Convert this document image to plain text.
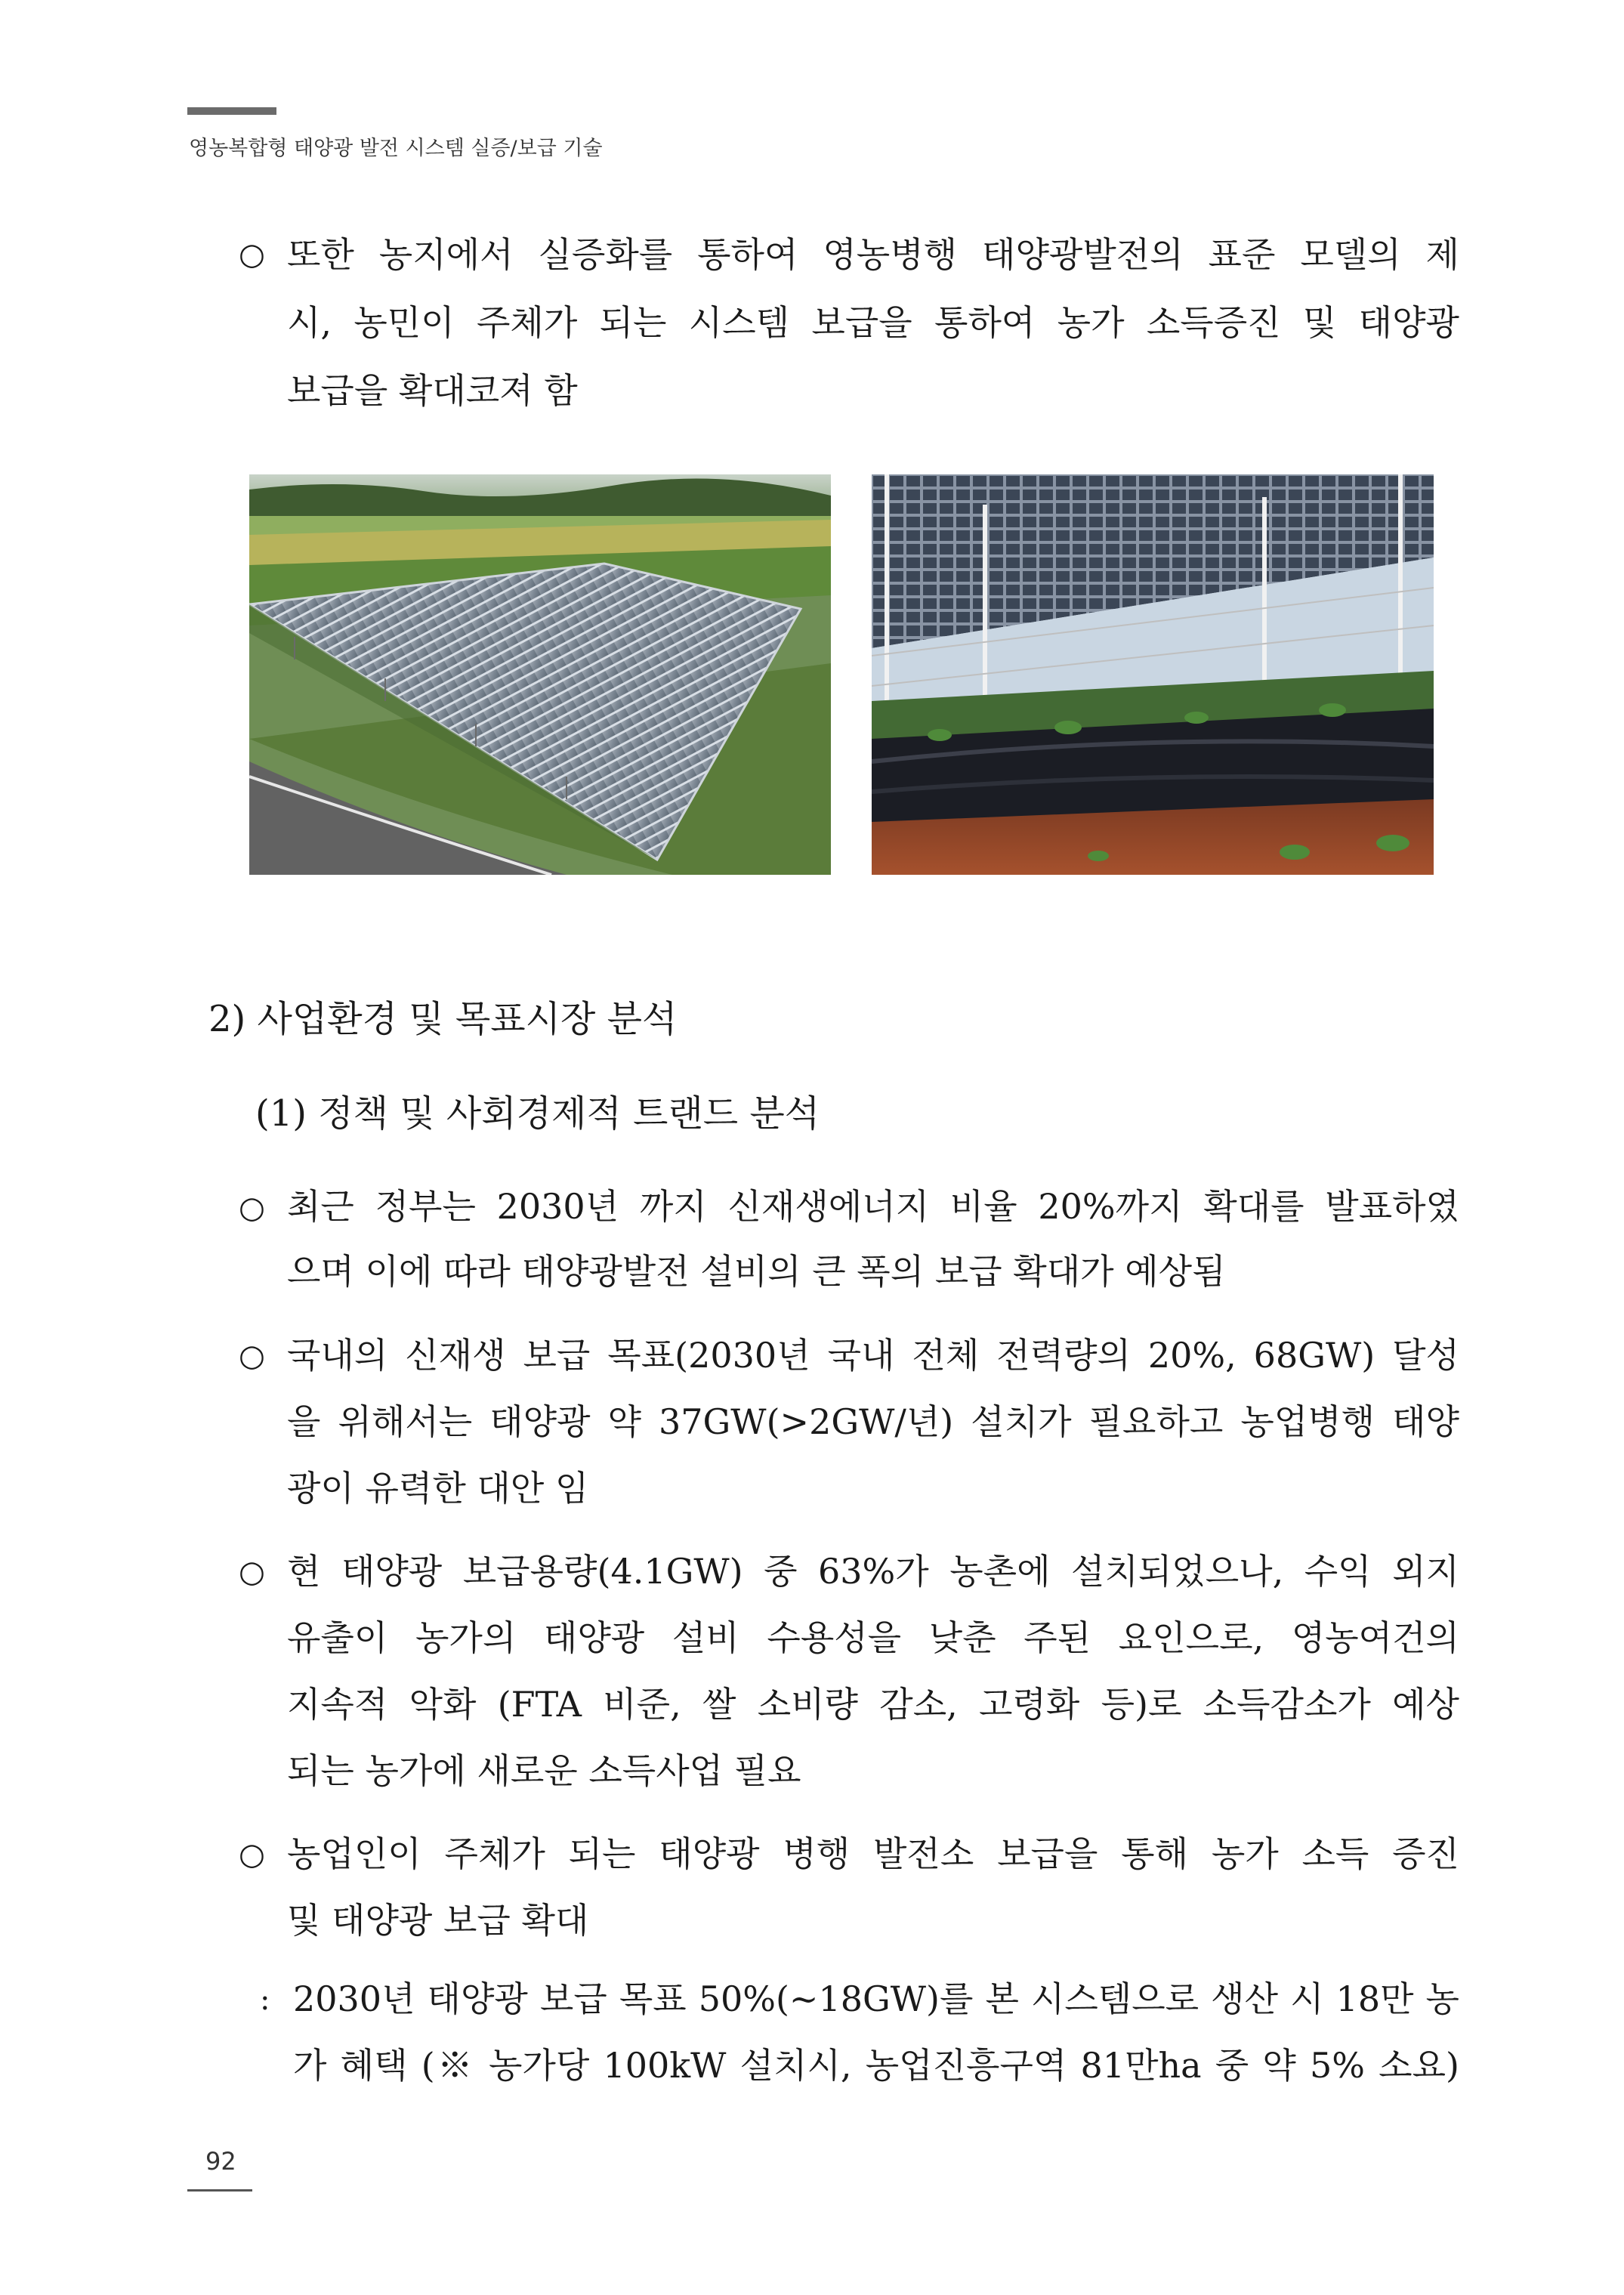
영농복합형 태양광 발전 시스템 실증/보급 기술
○ 또한 농지에서 실증화를 통하여 영농병행 태양광발전의 표준 모델의 제

시, 농민이 주체가 되는 시스템 보급을 통하여 농가 소득증진 및 태양광

보급을 확대코져 함

2) 사업환경 및 목표시장 분석
(1) 정책 및 사회경제적 트랜드 분석
○ 최근 정부는 2030년 까지 신재생에너지 비율 20%까지 확대를 발표하였

으며 이에 따라 태양광발전 설비의 큰 폭의 보급 확대가 예상됨

○ 국내의 신재생 보급 목표(2030년 국내 전체 전력량의 20%, 68GW) 달성

을 위해서는 태양광 약 37GW(>2GW/년) 설치가 필요하고 농업병행 태양

광이 유력한 대안 임

○ 현 태양광 보급용량(4.1GW) 중 63%가 농촌에 설치되었으나, 수익 외지

유출이 농가의 태양광 설비 수용성을 낮춘 주된 요인으로, 영농여건의

지속적 악화 (FTA 비준, 쌀 소비량 감소, 고령화 등)로 소득감소가 예상

되는 농가에 새로운 소득사업 필요

○ 농업인이 주체가 되는 태양광 병행 발전소 보급을 통해 농가 소득 증진

및 태양광 보급 확대

: 2030년 태양광 보급 목표 50%(~18GW)를 본 시스템으로 생산 시 18만 농

가 혜택 (※ 농가당 100kW 설치시, 농업진흥구역 81만ha 중 약 5% 소요)

92
